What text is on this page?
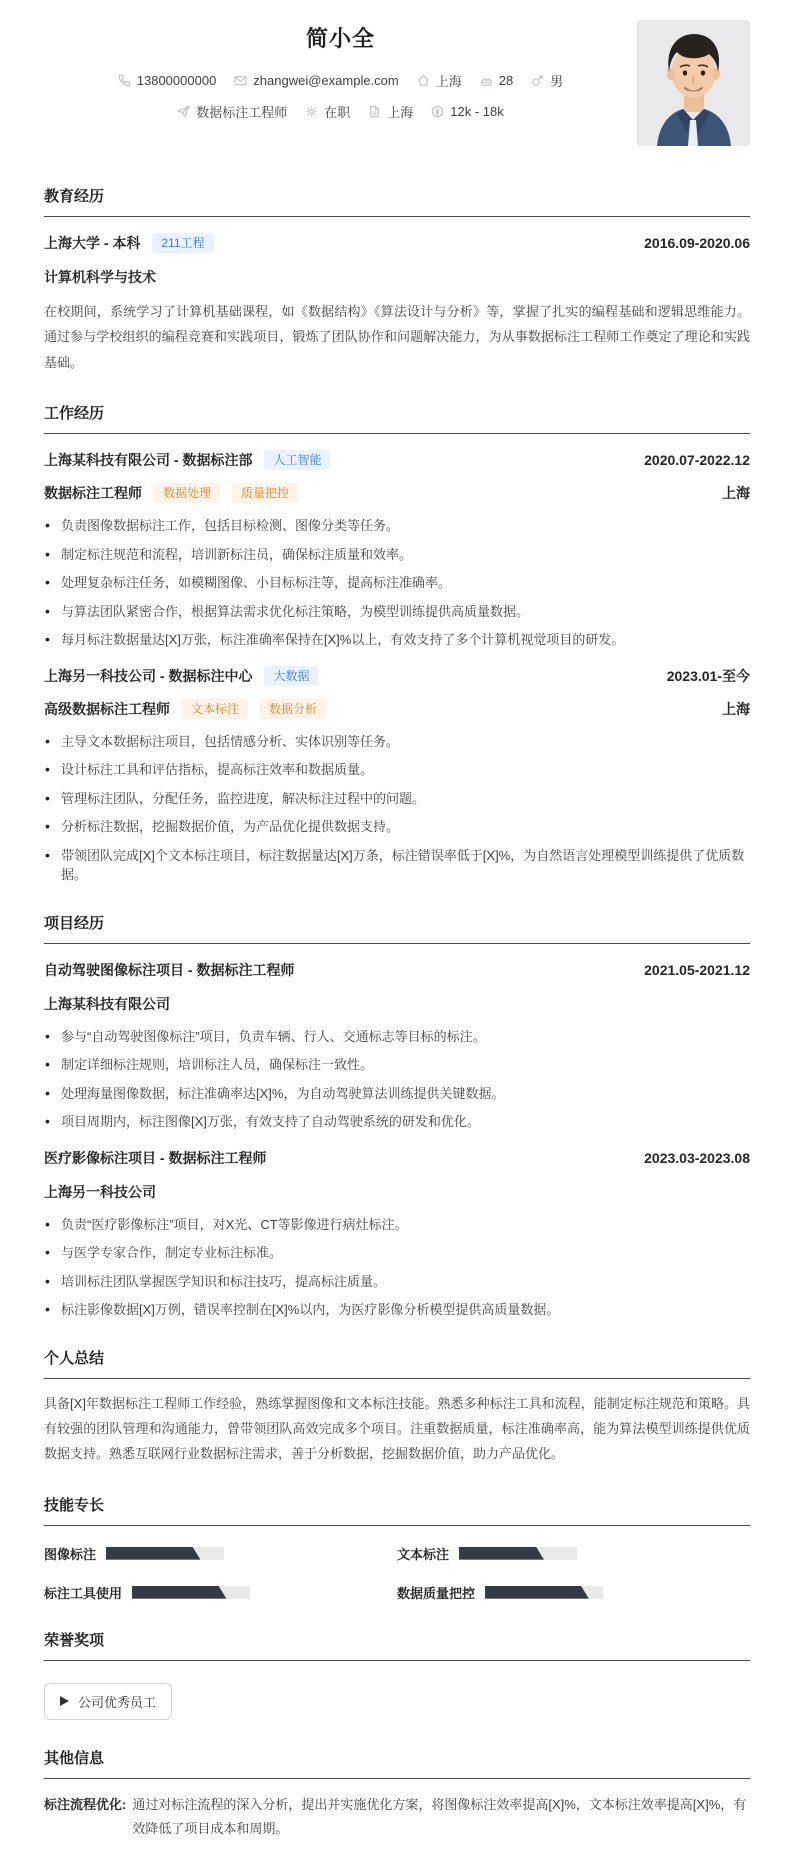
简小全
13800000000	zhangwei@example.com	上海	28	男
数据标注工程师	在职	上海	12k - 18k
教育经历
上海大学 - 本科	211工程	2016.09-2020.06
计算机科学与技术

在校期间，系统学习了计算机基础课程，如《数据结构》《算法设计与分析》等，掌握了扎实的编程基础和逻辑思维能力。通过参与学校组织的编程竞赛和实践项目，锻炼了团队协作和问题解决能力，为从事数据标注工程师工作奠定了理论和实践基础。

工作经历
上海某科技有限公司 - 数据标注部	人工智能	2020.07-2022.12
数据标注工程师	数据处理	质量把控	上海
• 负责图像数据标注工作，包括目标检测、图像分类等任务。
• 制定标注规范和流程，培训新标注员，确保标注质量和效率。
• 处理复杂标注任务，如模糊图像、小目标标注等，提高标注准确率。
• 与算法团队紧密合作，根据算法需求优化标注策略，为模型训练提供高质量数据。
• 每月标注数据量达[X]万张，标注准确率保持在[X]%以上，有效支持了多个计算机视觉项目的研发。
上海另一科技公司 - 数据标注中心	大数据	2023.01-至今
高级数据标注工程师	文本标注	数据分析	上海
• 主导文本数据标注项目，包括情感分析、实体识别等任务。
• 设计标注工具和评估指标，提高标注效率和数据质量。
• 管理标注团队，分配任务，监控进度，解决标注过程中的问题。
• 分析标注数据，挖掘数据价值，为产品优化提供数据支持。
• 带领团队完成[X]个文本标注项目，标注数据量达[X]万条，标注错误率低于[X]%，为自然语言处理模型训练提供了优质数据。
项目经历
自动驾驶图像标注项目 - 数据标注工程师	2021.05-2021.12
上海某科技有限公司
• 参与“自动驾驶图像标注”项目，负责车辆、行人、交通标志等目标的标注。
• 制定详细标注规则，培训标注人员，确保标注一致性。
• 处理海量图像数据，标注准确率达[X]%，为自动驾驶算法训练提供关键数据。
• 项目周期内，标注图像[X]万张，有效支持了自动驾驶系统的研发和优化。
医疗影像标注项目 - 数据标注工程师	2023.03-2023.08
上海另一科技公司
• 负责“医疗影像标注”项目，对X光、CT等影像进行病灶标注。
• 与医学专家合作，制定专业标注标准。
• 培训标注团队掌握医学知识和标注技巧，提高标注质量。
• 标注影像数据[X]万例，错误率控制在[X]%以内，为医疗影像分析模型提供高质量数据。
个人总结

具备[X]年数据标注工程师工作经验，熟练掌握图像和文本标注技能。熟悉多种标注工具和流程，能制定标注规范和策略。具有较强的团队管理和沟通能力，曾带领团队高效完成多个项目。注重数据质量，标注准确率高，能为算法模型训练提供优质数据支持。熟悉互联网行业数据标注需求，善于分析数据，挖掘数据价值，助力产品优化。

技能专长
图像标注	文本标注
标注工具使用	数据质量把控
荣誉奖项
公司优秀员工
其他信息
标注流程优化: 通过对标注流程的深入分析，提出并实施优化方案，将图像标注效率提高[X]%，文本标注效率提高[X]%，有效降低了项目成本和周期。
